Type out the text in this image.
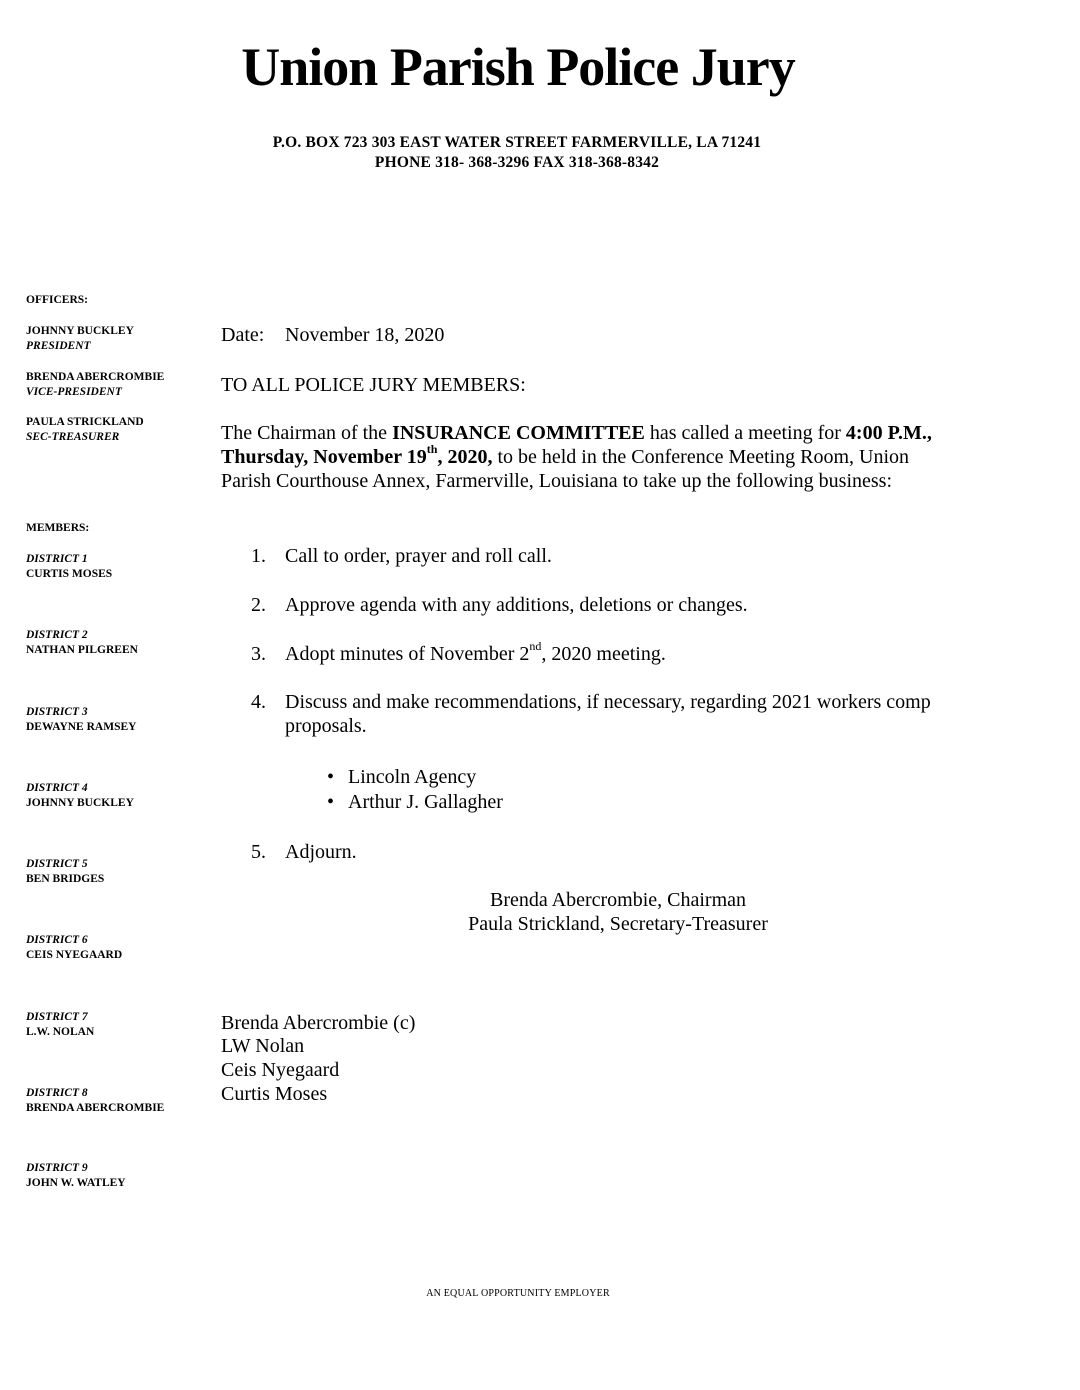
Union Parish Police Jury
P.O. BOX 723 303 EAST WATER STREET FARMERVILLE, LA 71241
PHONE 318- 368-3296 FAX 318-368-8342
OFFICERS:
JOHNNY BUCKLEY
PRESIDENT
BRENDA ABERCROMBIE
VICE-PRESIDENT
PAULA STRICKLAND
SEC-TREASURER
MEMBERS:
DISTRICT 1
CURTIS MOSES
DISTRICT 2
NATHAN PILGREEN
DISTRICT 3
DEWAYNE RAMSEY
DISTRICT 4
JOHNNY BUCKLEY
DISTRICT 5
BEN BRIDGES
DISTRICT 6
CEIS NYEGAARD
DISTRICT 7
L.W. NOLAN
DISTRICT 8
BRENDA ABERCROMBIE
DISTRICT 9
JOHN W. WATLEY
Date: November 18, 2020
TO ALL POLICE JURY MEMBERS:
The Chairman of the INSURANCE COMMITTEE has called a meeting for 4:00 P.M., Thursday, November 19th, 2020, to be held in the Conference Meeting Room, Union Parish Courthouse Annex, Farmerville, Louisiana to take up the following business:
1. Call to order, prayer and roll call.
2. Approve agenda with any additions, deletions or changes.
3. Adopt minutes of November 2nd, 2020 meeting.
4. Discuss and make recommendations, if necessary, regarding 2021 workers comp proposals.
• Lincoln Agency
• Arthur J. Gallagher
5. Adjourn.
Brenda Abercrombie, Chairman
Paula Strickland, Secretary-Treasurer
Brenda Abercrombie (c)
LW Nolan
Ceis Nyegaard
Curtis Moses
AN EQUAL OPPORTUNITY EMPLOYER
